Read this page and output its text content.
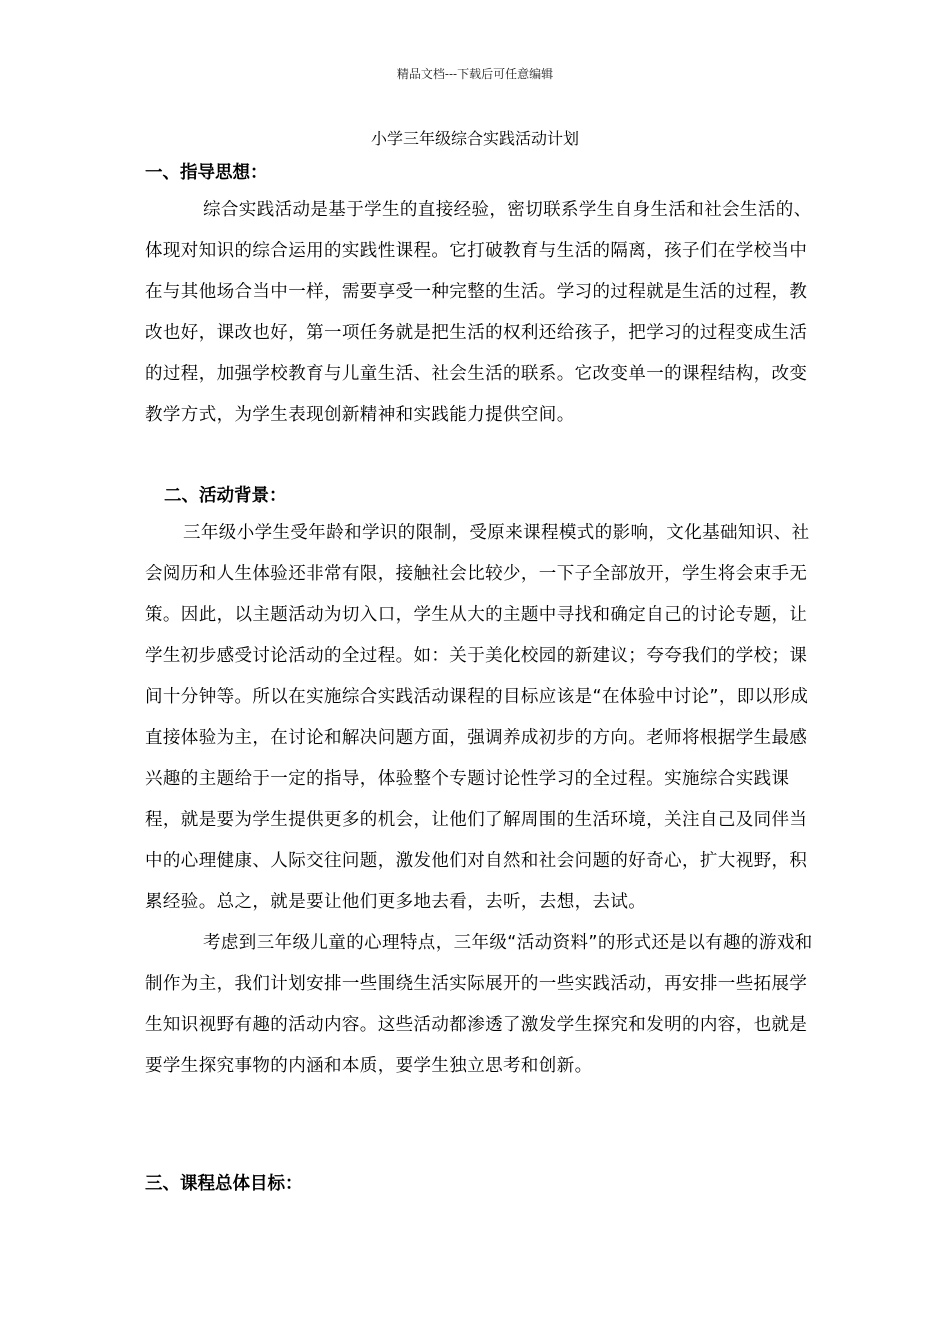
精品文档---下载后可任意编辑
小学三年级综合实践活动计划
一、指导思想：

综合实践活动是基于学生的直接经验，密切联系学生自身生活和社会生活的、体现对知识的综合运用的实践性课程。它打破教育与生活的隔离，孩子们在学校当中在与其他场合当中一样，需要享受一种完整的生活。学习的过程就是生活的过程，教改也好，课改也好，第一项任务就是把生活的权利还给孩子，把学习的过程变成生活的过程，加强学校教育与儿童生活、社会生活的联系。它改变单一的课程结构，改变教学方式，为学生表现创新精神和实践能力提供空间。

二、活动背景：

三年级小学生受年龄和学识的限制，受原来课程模式的影响，文化基础知识、社会阅历和人生体验还非常有限，接触社会比较少，一下子全部放开，学生将会束手无策。因此，以主题活动为切入口，学生从大的主题中寻找和确定自己的讨论专题，让学生初步感受讨论活动的全过程。如：关于美化校园的新建议；夸夸我们的学校；课间十分钟等。所以在实施综合实践活动课程的目标应该是“在体验中讨论”，即以形成直接体验为主，在讨论和解决问题方面，强调养成初步的方向。老师将根据学生最感兴趣的主题给于一定的指导，体验整个专题讨论性学习的全过程。实施综合实践课程，就是要为学生提供更多的机会，让他们了解周围的生活环境，关注自己及同伴当中的心理健康、人际交往问题，激发他们对自然和社会问题的好奇心，扩大视野，积累经验。总之，就是要让他们更多地去看，去听，去想，去试。

考虑到三年级儿童的心理特点，三年级“活动资料”的形式还是以有趣的游戏和制作为主，我们计划安排一些围绕生活实际展开的一些实践活动，再安排一些拓展学生知识视野有趣的活动内容。这些活动都渗透了激发学生探究和发明的内容，也就是要学生探究事物的内涵和本质，要学生独立思考和创新。

三、课程总体目标：
